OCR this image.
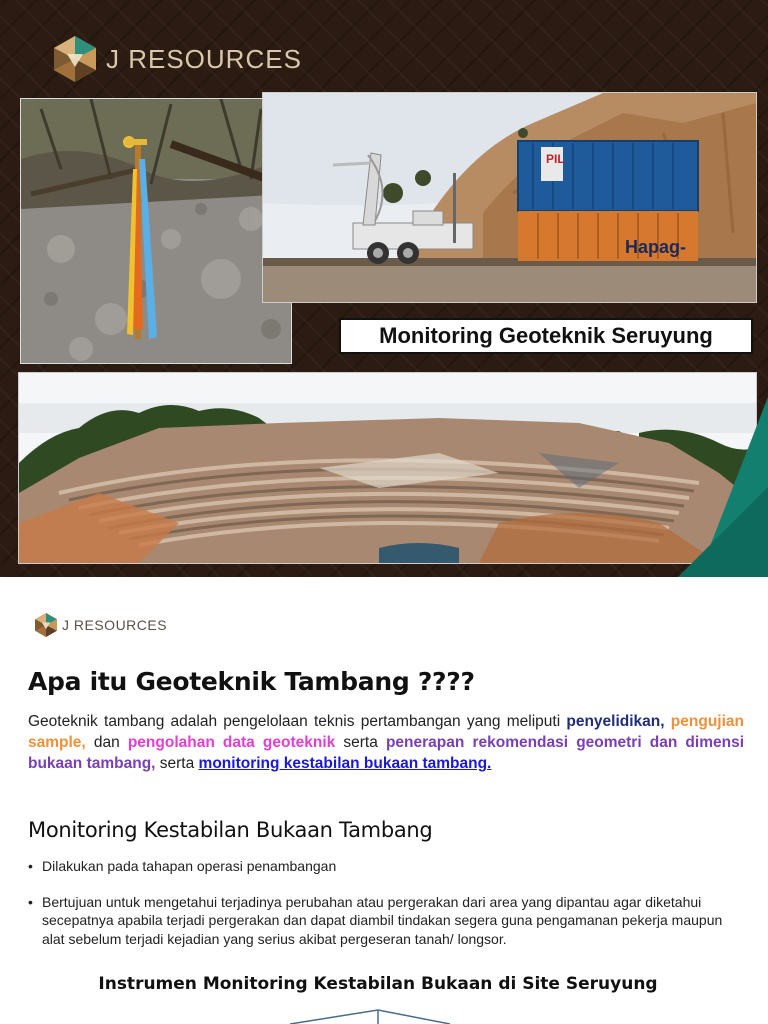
J RESOURCES
PIL
Hapag-
Monitoring Geoteknik Seruyung
J RESOURCES
Apa itu Geoteknik Tambang ????
Geoteknik tambang adalah pengelolaan teknis pertambangan yang meliputi penyelidikan, pengujian sample, dan pengolahan data geoteknik serta penerapan rekomendasi geometri dan dimensi bukaan tambang, serta monitoring kestabilan bukaan tambang.
Monitoring Kestabilan Bukaan Tambang
• Dilakukan pada tahapan operasi penambangan
• Bertujuan untuk mengetahui terjadinya perubahan atau pergerakan dari area yang dipantau agar diketahui secepatnya apabila terjadi pergerakan dan dapat diambil tindakan segera guna pengamanan pekerja maupun alat sebelum terjadi kejadian yang serius akibat pergeseran tanah/ longsor.
Instrumen Monitoring Kestabilan Bukaan di Site Seruyung
